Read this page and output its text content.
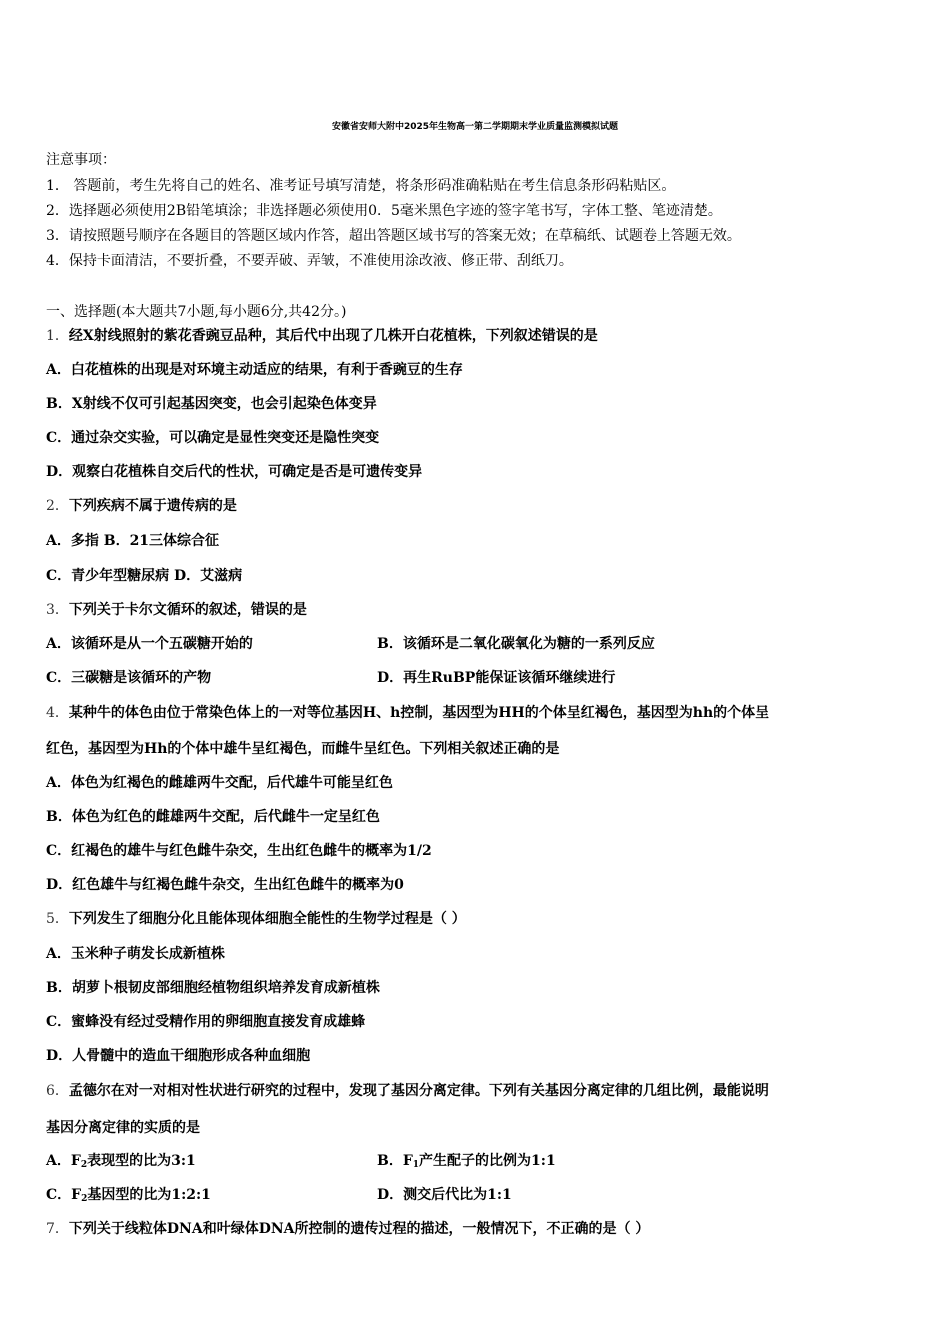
安徽省安师大附中2025年生物高一第二学期期末学业质量监测模拟试题
注意事项：
1． 答题前，考生先将自己的姓名、准考证号填写清楚，将条形码准确粘贴在考生信息条形码粘贴区。
2．选择题必须使用2B铅笔填涂；非选择题必须使用0．5毫米黑色字迹的签字笔书写，字体工整、笔迹清楚。
3．请按照题号顺序在各题目的答题区域内作答，超出答题区域书写的答案无效；在草稿纸、试题卷上答题无效。
4．保持卡面清洁，不要折叠，不要弄破、弄皱，不准使用涂改液、修正带、刮纸刀。
一、选择题(本大题共7小题,每小题6分,共42分。)
1．经X射线照射的紫花香豌豆品种，其后代中出现了几株开白花植株，下列叙述错误的是
A．白花植株的出现是对环境主动适应的结果，有利于香豌豆的生存
B．X射线不仅可引起基因突变，也会引起染色体变异
C．通过杂交实验，可以确定是显性突变还是隐性突变
D．观察白花植株自交后代的性状，可确定是否是可遗传变异
2．下列疾病不属于遗传病的是
A．多指 B．21三体综合征
C．青少年型糖尿病 D．艾滋病
3．下列关于卡尔文循环的叙述，错误的是
A．该循环是从一个五碳糖开始的	B．该循环是二氧化碳氧化为糖的一系列反应
C．三碳糖是该循环的产物	D．再生RuBP能保证该循环继续进行
4．某种牛的体色由位于常染色体上的一对等位基因H、h控制，基因型为HH的个体呈红褐色，基因型为hh的个体呈
红色，基因型为Hh的个体中雄牛呈红褐色，而雌牛呈红色。下列相关叙述正确的是
A．体色为红褐色的雌雄两牛交配，后代雄牛可能呈红色
B．体色为红色的雌雄两牛交配，后代雌牛一定呈红色
C．红褐色的雄牛与红色雌牛杂交，生出红色雌牛的概率为1/2
D．红色雄牛与红褐色雌牛杂交，生出红色雌牛的概率为0
5．下列发生了细胞分化且能体现体细胞全能性的生物学过程是（ ）
A．玉米种子萌发长成新植株
B．胡萝卜根韧皮部细胞经植物组织培养发育成新植株
C．蜜蜂没有经过受精作用的卵细胞直接发育成雄蜂
D．人骨髓中的造血干细胞形成各种血细胞
6．孟德尔在对一对相对性状进行研究的过程中，发现了基因分离定律。下列有关基因分离定律的几组比例，最能说明
基因分离定律的实质的是
A．$F_2$表现型的比为3:1	B．$F_1$产生配子的比例为1:1
C．$F_2$基因型的比为1:2:1	D．测交后代比为1:1
7．下列关于线粒体DNA和叶绿体DNA所控制的遗传过程的描述，一般情况下，不正确的是（ ）
